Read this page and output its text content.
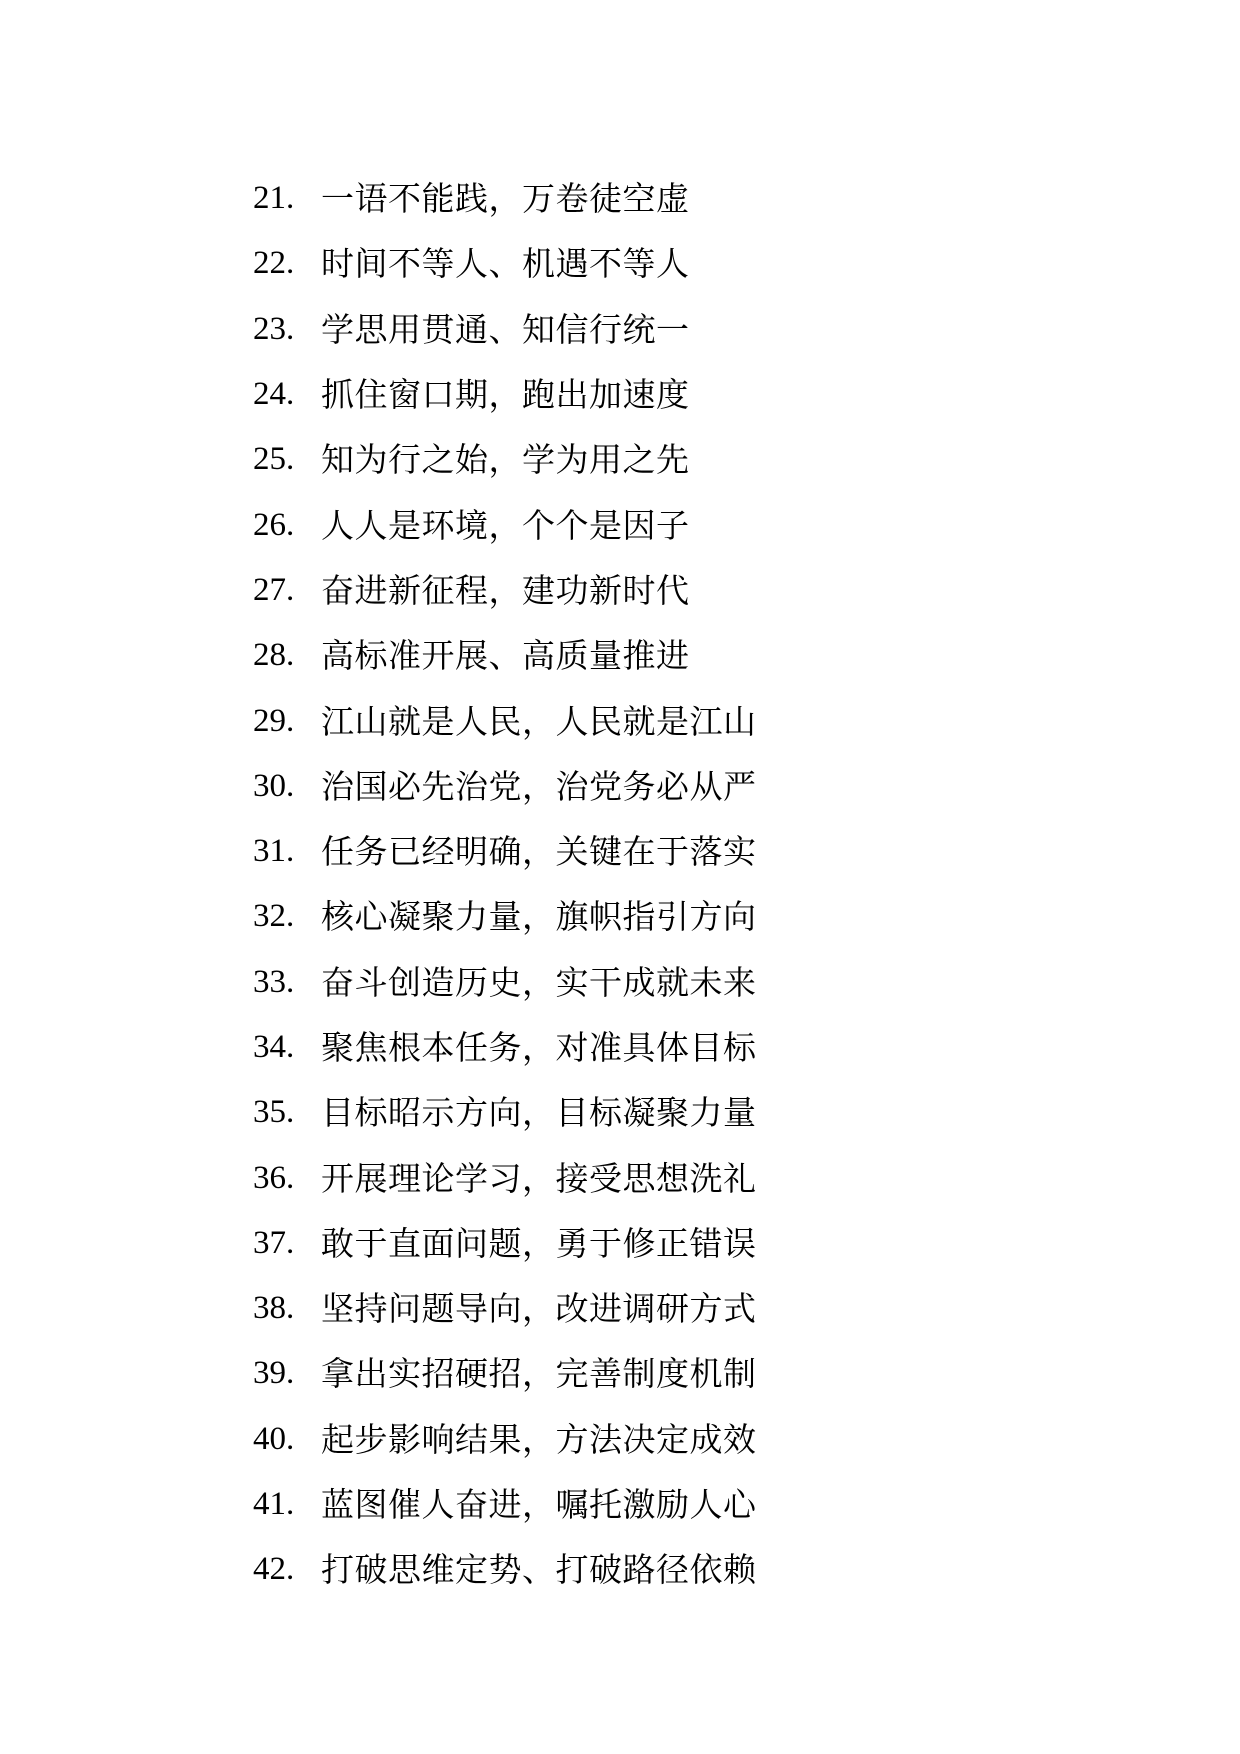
21. 一语不能践，万卷徒空虚
22. 时间不等人、机遇不等人
23. 学思用贯通、知信行统一
24. 抓住窗口期，跑出加速度
25. 知为行之始，学为用之先
26. 人人是环境，个个是因子
27. 奋进新征程，建功新时代
28. 高标准开展、高质量推进
29. 江山就是人民，人民就是江山
30. 治国必先治党，治党务必从严
31. 任务已经明确，关键在于落实
32. 核心凝聚力量，旗帜指引方向
33. 奋斗创造历史，实干成就未来
34. 聚焦根本任务，对准具体目标
35. 目标昭示方向，目标凝聚力量
36. 开展理论学习，接受思想洗礼
37. 敢于直面问题，勇于修正错误
38. 坚持问题导向，改进调研方式
39. 拿出实招硬招，完善制度机制
40. 起步影响结果，方法决定成效
41. 蓝图催人奋进，嘱托激励人心
42. 打破思维定势、打破路径依赖
